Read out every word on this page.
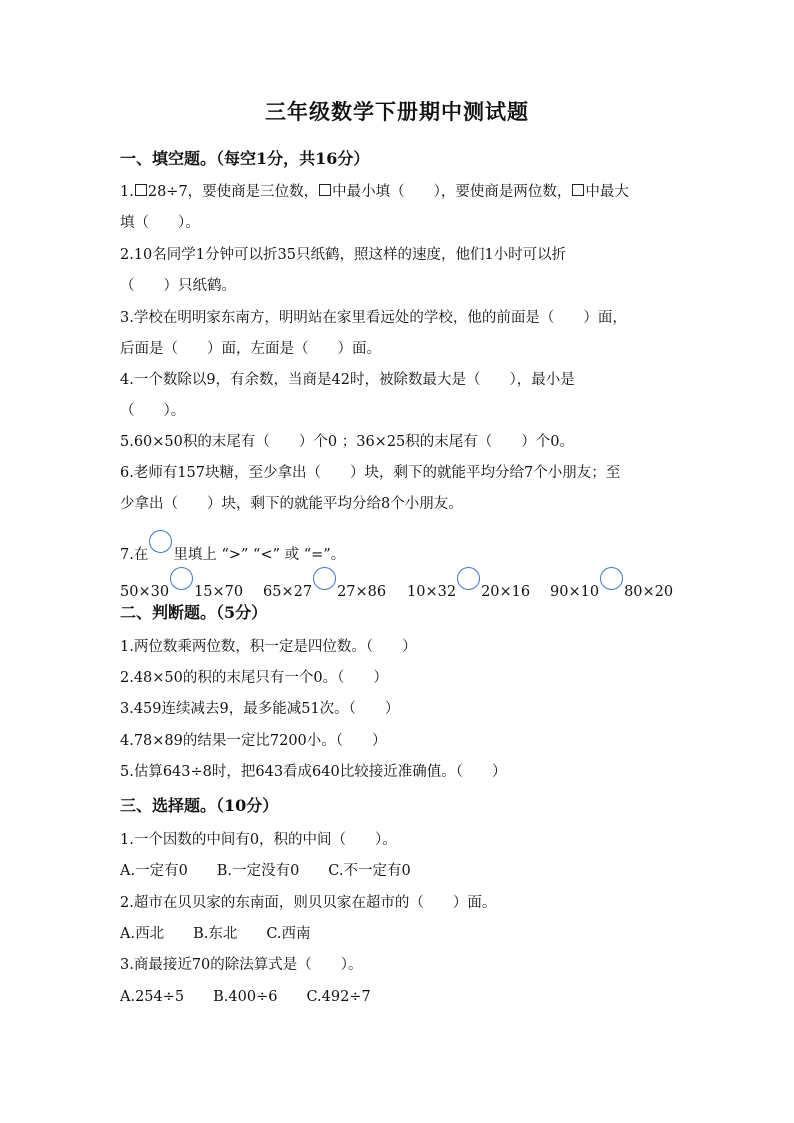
三年级数学下册期中测试题
一、填空题。（每空1分，共16分）
1. 28÷7，要使商是三位数， 中最小填（　　），要使商是两位数， 中最大
填（　　）。
2.10名同学1分钟可以折35只纸鹤，照这样的速度，他们1小时可以折
（　　）只纸鹤。
3.学校在明明家东南方，明明站在家里看远处的学校，他的前面是（　　）面，
后面是（　　）面，左面是（　　）面。
4.一个数除以9，有余数，当商是42时，被除数最大是（　　），最小是
（　　）。
5.60×50积的末尾有（　　）个0 ；36×25积的末尾有（　　）个0。
6.老师有157块糖，至少拿出（　　）块，剩下的就能平均分给7个小朋友；至
少拿出（　　）块，剩下的就能平均分给8个小朋友。
7.在 里填上 “>” “<” 或 “=”。
50×30 15×70 65×27 27×86 10×32 20×16 90×10 80×20
二、判断题。（5分）
1.两位数乘两位数，积一定是四位数。（　　）
2.48×50的积的末尾只有一个0。（　　）
3.459连续减去9，最多能减51次。（　　）
4.78×89的结果一定比7200小。（　　）
5.估算643÷8时，把643看成640比较接近准确值。（　　）
三、选择题。（10分）
1.一个因数的中间有0，积的中间（　　）。
A.一定有0　　B.一定没有0　　C.不一定有0
2.超市在贝贝家的东南面，则贝贝家在超市的（　　）面。
A.西北　　B.东北　　C.西南
3.商最接近70的除法算式是（　　）。
A.254÷5　　B.400÷6　　C.492÷7
